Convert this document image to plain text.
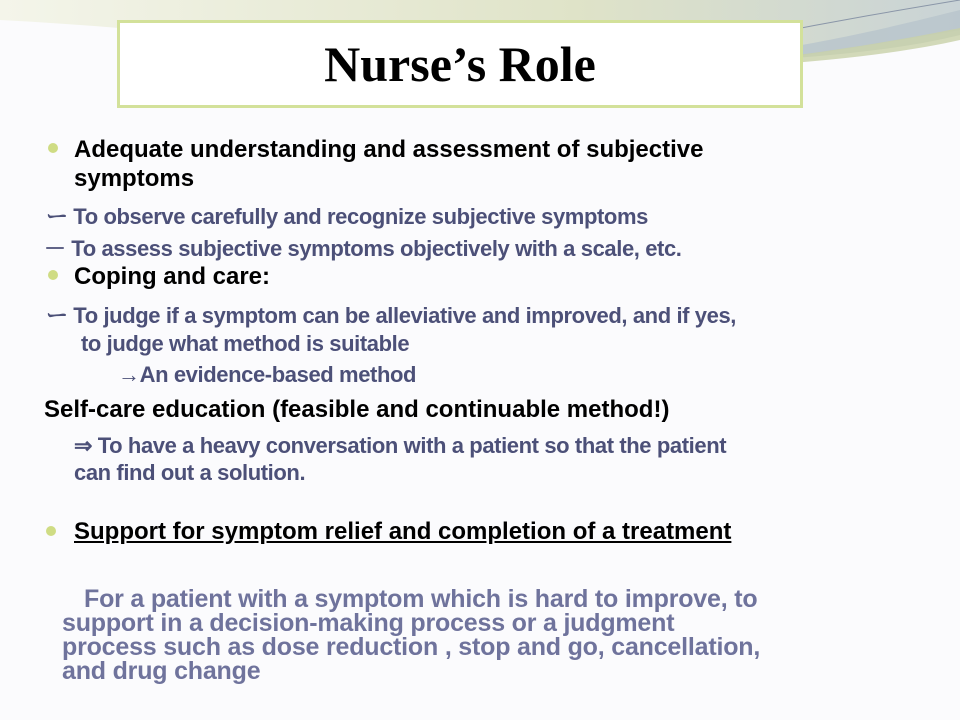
Nurse’s Role
Adequate understanding and assessment of subjective
symptoms
ー To observe carefully and recognize subjective symptoms
－ To assess subjective symptoms objectively with a scale, etc.
Coping and care:
ー To judge if a symptom can be alleviative and improved, and if yes,
to judge what method is suitable
→An evidence-based method
Self-care education (feasible and continuable method!)
⇒ To have a heavy conversation with a patient so that the patient
can find out a solution.
Support for symptom relief and completion of a treatment
For a patient with a symptom which is hard to improve, to
support in a decision-making process or a judgment
process such as dose reduction , stop and go, cancellation,
and drug change
